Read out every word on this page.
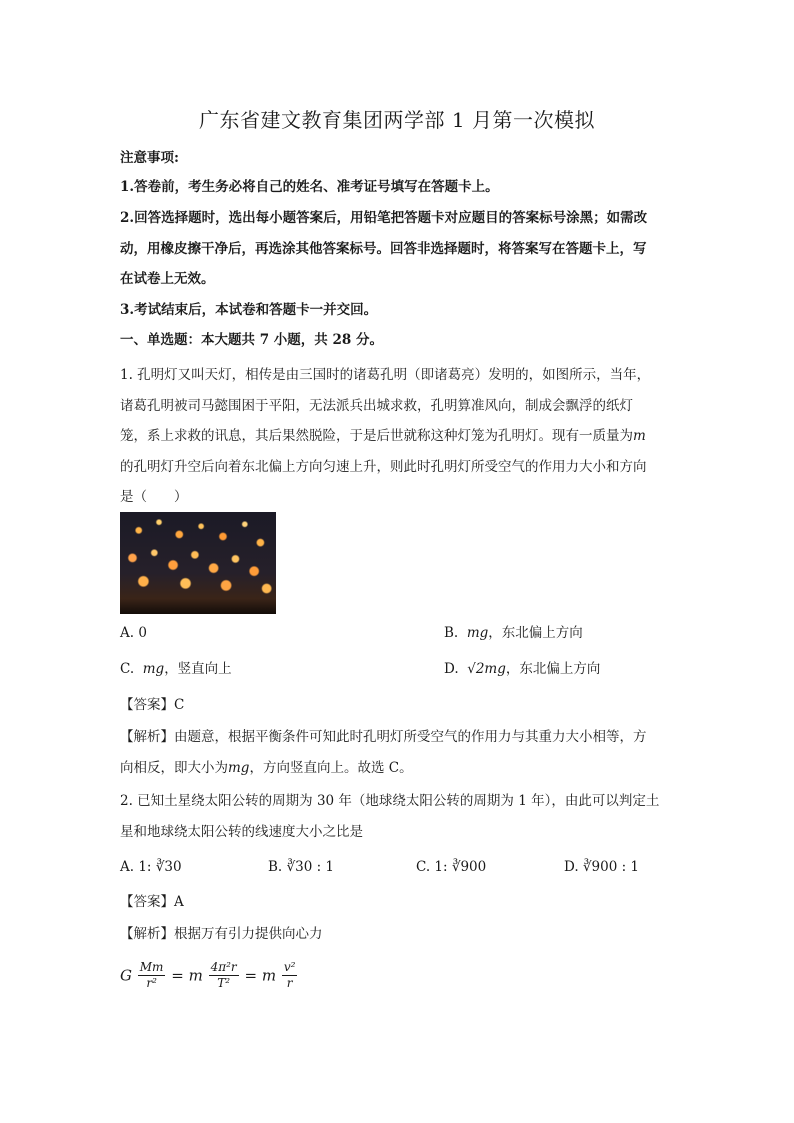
广东省建文教育集团两学部 1 月第一次模拟
注意事项:
1.答卷前，考生务必将自己的姓名、准考证号填写在答题卡上。
2.回答选择题时，选出每小题答案后，用铅笔把答题卡对应题目的答案标号涂黑；如需改
动，用橡皮擦干净后，再选涂其他答案标号。回答非选择题时，将答案写在答题卡上，写
在试卷上无效。
3.考试结束后，本试卷和答题卡一并交回。
一、单选题：本大题共 7 小题，共 28 分。
1. 孔明灯又叫天灯，相传是由三国时的诸葛孔明（即诸葛亮）发明的，如图所示，当年，
诸葛孔明被司马懿围困于平阳，无法派兵出城求救，孔明算准风向，制成会飘浮的纸灯
笼，系上求救的讯息，其后果然脱险，于是后世就称这种灯笼为孔明灯。现有一质量为m
的孔明灯升空后向着东北偏上方向匀速上升，则此时孔明灯所受空气的作用力大小和方向
是（　　）
A. 0	B. mg，东北偏上方向
C. mg，竖直向上	D. √2mg，东北偏上方向
【答案】C
【解析】由题意，根据平衡条件可知此时孔明灯所受空气的作用力与其重力大小相等，方
向相反，即大小为mg，方向竖直向上。故选 C。
2. 已知土星绕太阳公转的周期为 30 年（地球绕太阳公转的周期为 1 年），由此可以判定土
星和地球绕太阳公转的线速度大小之比是
A. 1: ∛30	B. ∛30 : 1	C. 1: ∛900	D. ∛900 : 1
【答案】A
【解析】根据万有引力提供向心力
G $\frac{Mm}{\text{r²}} = m \frac{\text{4π²r}}{\text{T²}} = m \frac{\text{v²}}{r}$
